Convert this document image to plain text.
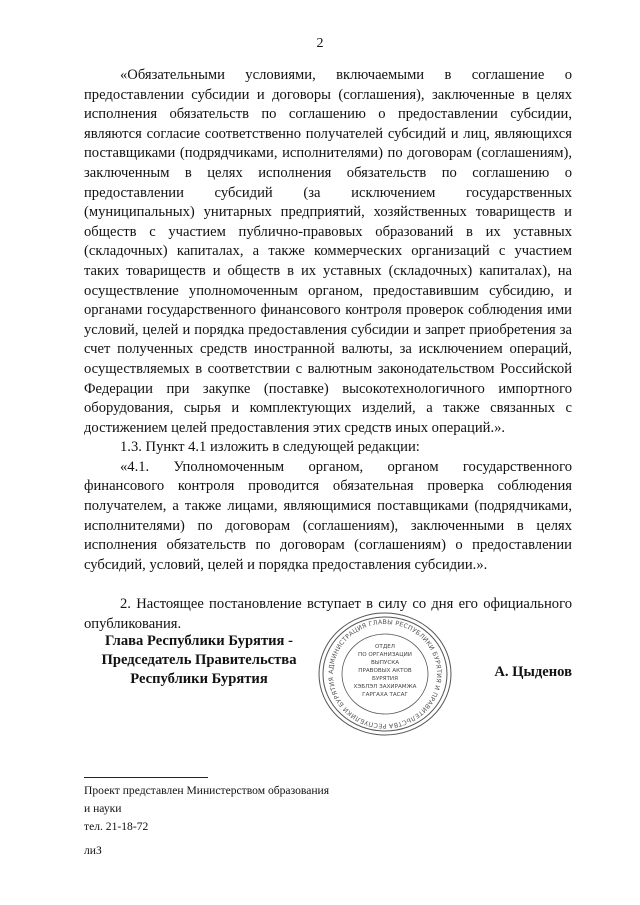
2

«Обязательными условиями, включаемыми в соглашение о предоставлении субсидии и договоры (соглашения), заключенные в целях исполнения обязательств по соглашению о предоставлении субсидии, являются согласие соответственно получателей субсидий и лиц, являющихся поставщиками (подрядчиками, исполнителями) по договорам (соглашениям), заключенным в целях исполнения обязательств по соглашению о предоставлении субсидий (за исключением государственных (муниципальных) унитарных предприятий, хозяйственных товариществ и обществ с участием публично-правовых образований в их уставных (складочных) капиталах, а также коммерческих организаций с участием таких товариществ и обществ в их уставных (складочных) капиталах), на осуществление уполномоченным органом, предоставившим субсидию, и органами государственного финансового контроля проверок соблюдения ими условий, целей и порядка предоставления субсидии и запрет приобретения за счет полученных средств иностранной валюты, за исключением операций, осуществляемых в соответствии с валютным законодательством Российской Федерации при закупке (поставке) высокотехнологичного импортного оборудования, сырья и комплектующих изделий, а также связанных с достижением целей предоставления этих средств иных операций.».

1.3. Пункт 4.1 изложить в следующей редакции:

«4.1. Уполномоченным органом, органом государственного финансового контроля проводится обязательная проверка соблюдения получателем, а также лицами, являющимися поставщиками (подрядчиками, исполнителями) по договорам (соглашениям), заключенными в целях исполнения обязательств по договорам (соглашениям) о предоставлении субсидий, условий, целей и порядка предоставления субсидии.».

2. Настоящее постановление вступает в силу со дня его официального опубликования.

Глава Республики Бурятия -
Председатель Правительства
Республики Бурятия	АДМИНИСТРАЦИЯ ГЛАВЫ РЕСПУБЛИКИ БУРЯТИЯ И ПРАВИТЕЛЬСТВА РЕСПУБЛИКИ БУРЯТИЯ
ОТДЕЛ
ПО ОРГАНИЗАЦИИ
ВЫПУСКА
ПРАВОВЫХ АКТОВ
БУРЯТИЯ
ХЭБЛЭЛ ЗАХИРАМЖА
ГАРГАХА ТАСАГ
А. Цыденов
Проект представлен Министерством образования
и науки
тел. 21-18-72
лиЗ
